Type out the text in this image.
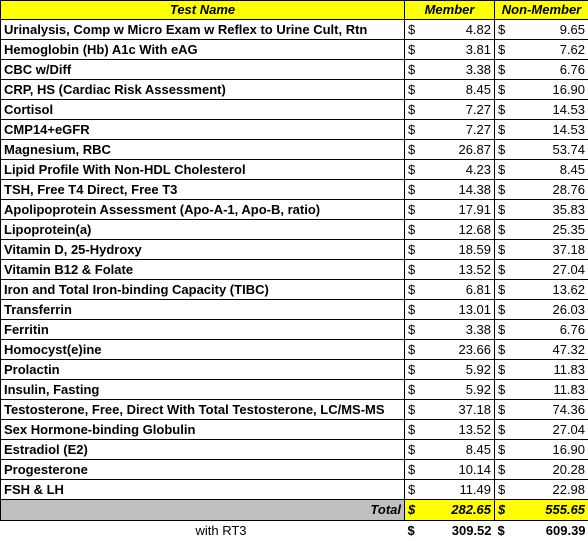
Test Name	Member		Non-Member	
Urinalysis, Comp w Micro Exam w Reflex to Urine Cult, Rtn	$	4.82	$	9.65
Hemoglobin (Hb) A1c With eAG	$	3.81	$	7.62
CBC w/Diff	$	3.38	$	6.76
CRP, HS (Cardiac Risk Assessment)	$	8.45	$	16.90
Cortisol	$	7.27	$	14.53
CMP14+eGFR	$	7.27	$	14.53
Magnesium, RBC	$	26.87	$	53.74
Lipid Profile With Non-HDL Cholesterol	$	4.23	$	8.45
TSH, Free T4 Direct, Free T3	$	14.38	$	28.76
Apolipoprotein Assessment (Apo-A-1, Apo-B, ratio)	$	17.91	$	35.83
Lipoprotein(a)	$	12.68	$	25.35
Vitamin D, 25-Hydroxy	$	18.59	$	37.18
Vitamin B12 & Folate	$	13.52	$	27.04
Iron and Total Iron-binding Capacity (TIBC)	$	6.81	$	13.62
Transferrin	$	13.01	$	26.03
Ferritin	$	3.38	$	6.76
Homocyst(e)ine	$	23.66	$	47.32
Prolactin	$	5.92	$	11.83
Insulin, Fasting	$	5.92	$	11.83
Testosterone, Free, Direct With Total Testosterone, LC/MS-MS	$	37.18	$	74.36
Sex Hormone-binding Globulin	$	13.52	$	27.04
Estradiol (E2)	$	8.45	$	16.90
Progesterone	$	10.14	$	20.28
FSH & LH	$	11.49	$	22.98
Total	$	282.65	$	555.65
with RT3	$	309.52	$	609.39
